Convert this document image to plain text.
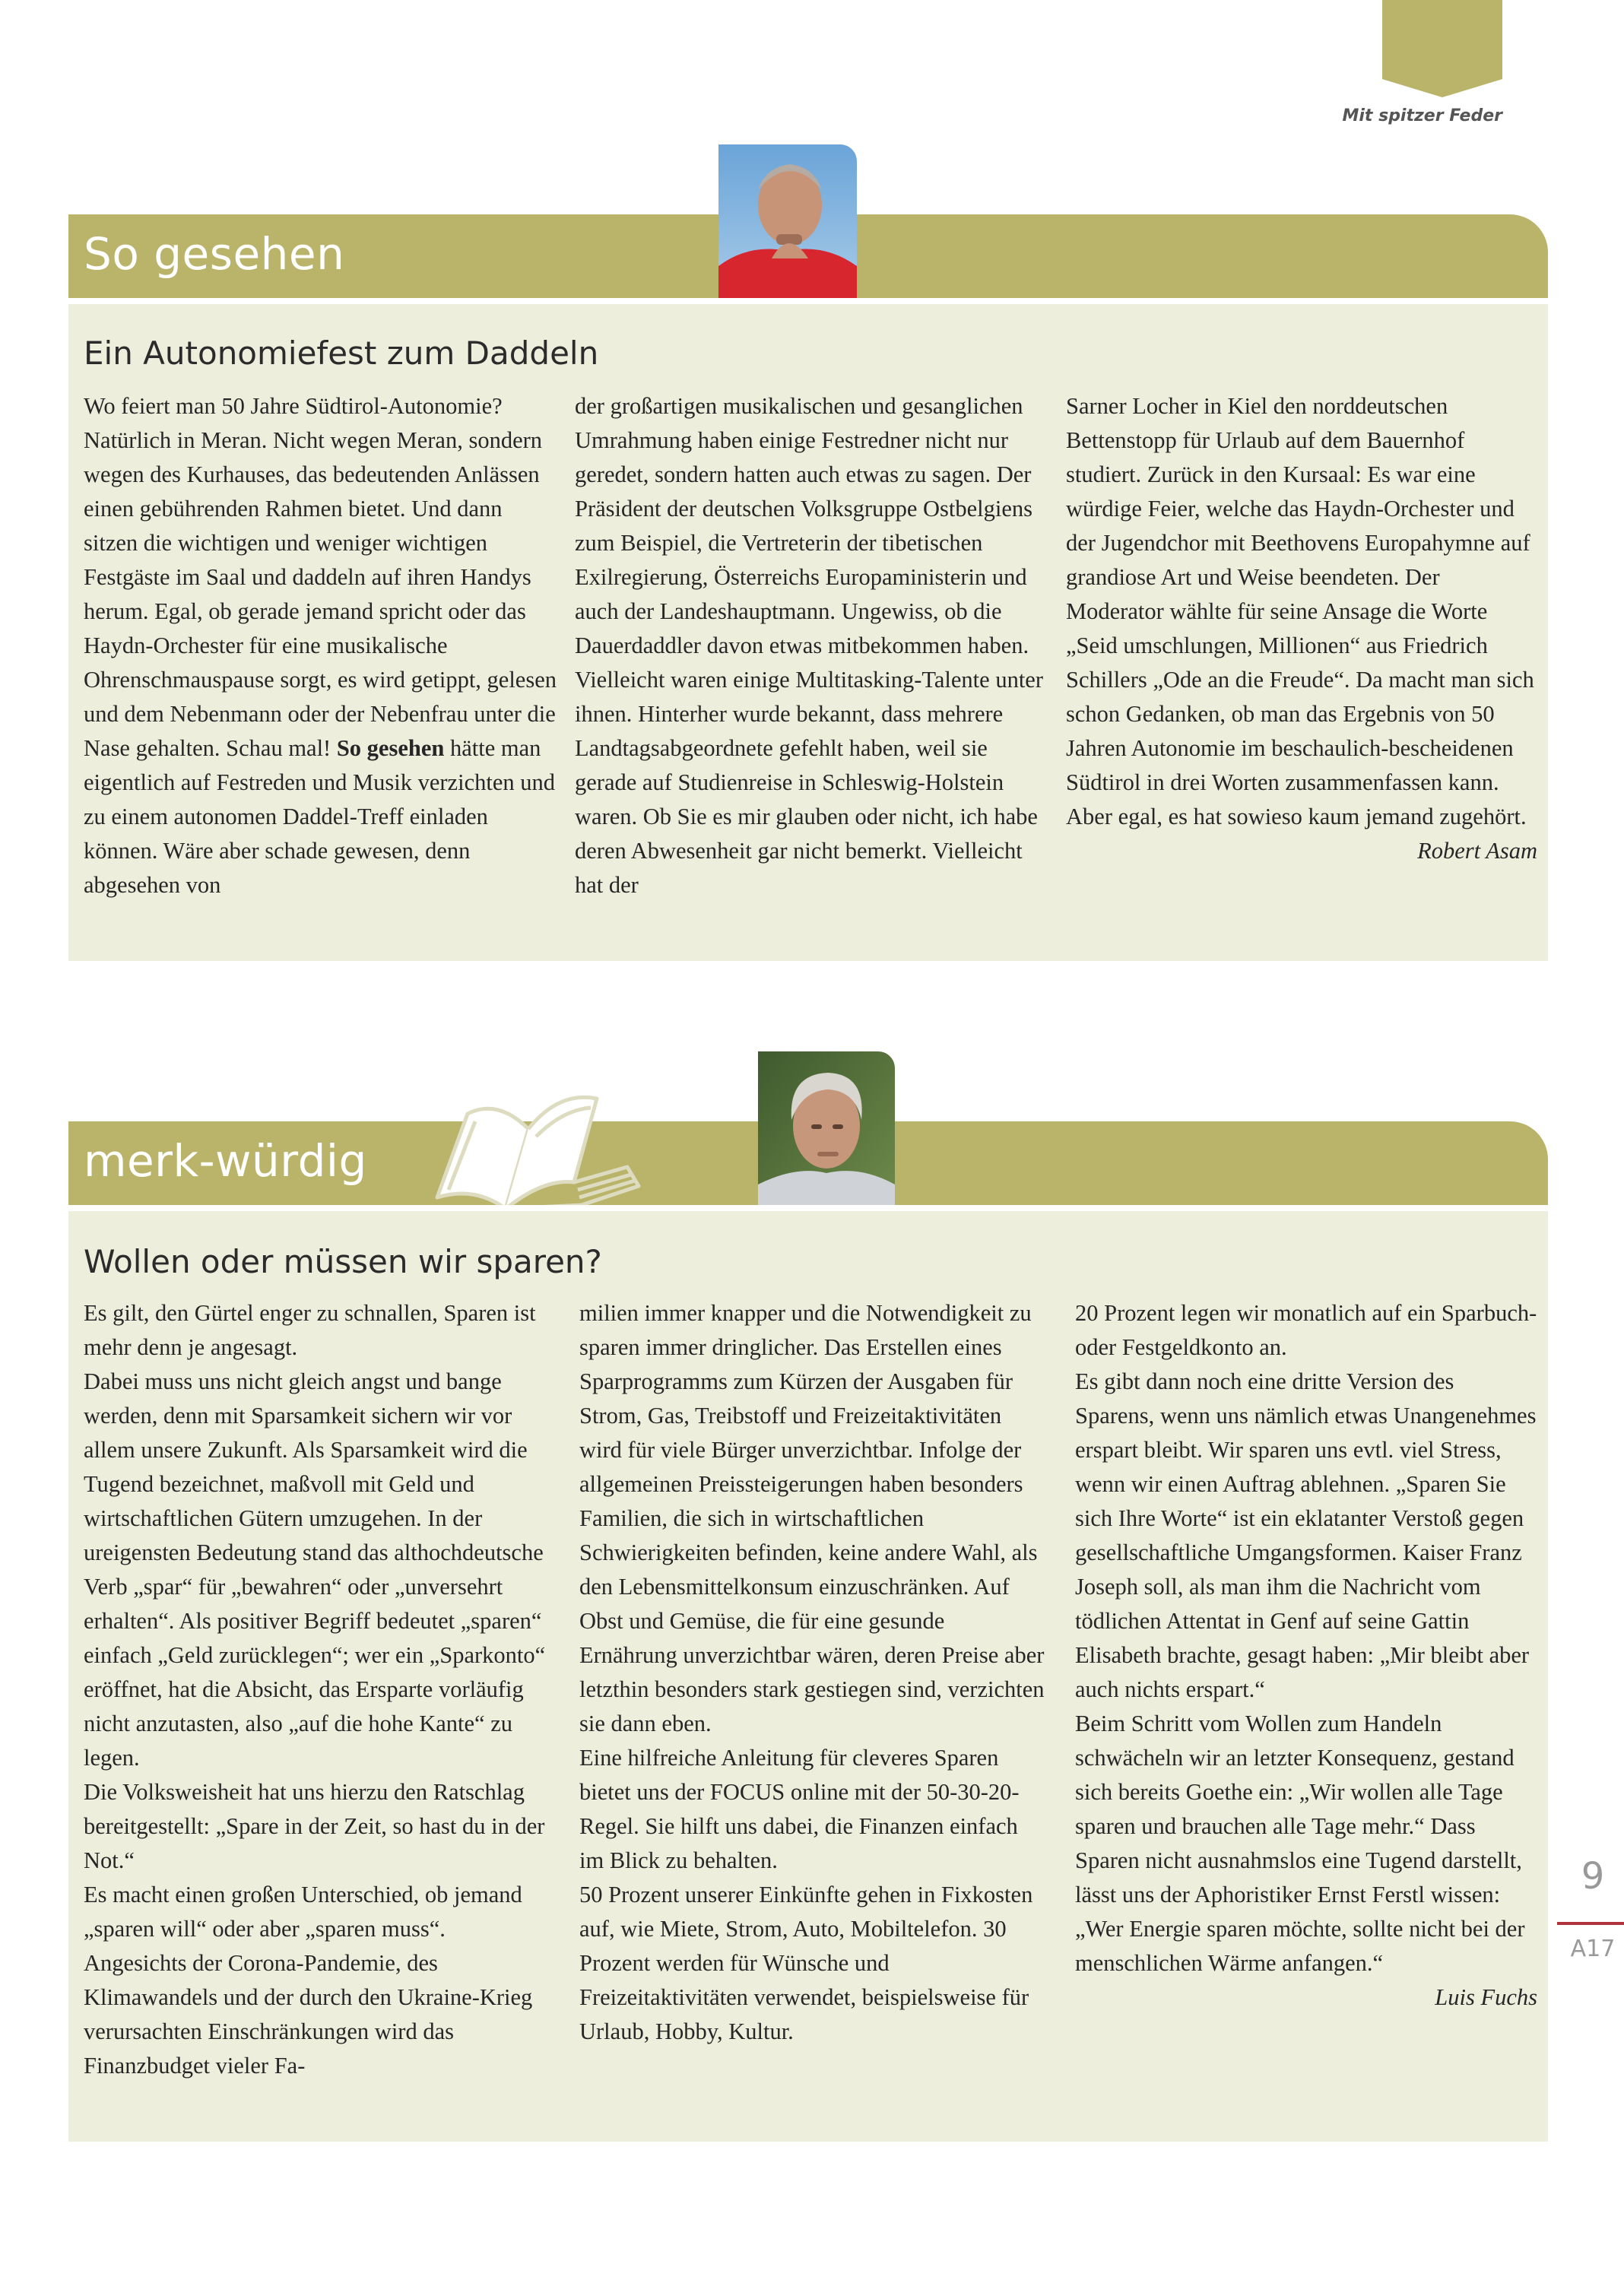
Mit spitzer Feder
So gesehen
Ein Autonomiefest zum Daddeln

Wo feiert man 50 Jahre Südtirol-Autonomie? Natürlich in Meran. Nicht wegen Meran, sondern wegen des Kurhauses, das bedeutenden Anlässen einen gebührenden Rahmen bietet. Und dann sitzen die wichtigen und weniger wichtigen Festgäste im Saal und daddeln auf ihren Handys herum. Egal, ob gerade jemand spricht oder das Haydn-Orchester für eine musikalische Ohrenschmauspause sorgt, es wird getippt, gelesen und dem Nebenmann oder der Nebenfrau unter die Nase gehalten. Schau mal! So gesehen hätte man eigentlich auf Festreden und Musik verzichten und zu einem autonomen Daddel-Treff einladen können. Wäre aber schade gewesen, denn abgesehen von

der großartigen musikalischen und gesanglichen Umrahmung haben einige Festredner nicht nur geredet, sondern hatten auch etwas zu sagen. Der Präsident der deutschen Volksgruppe Ostbelgiens zum Beispiel, die Vertreterin der tibetischen Exilregierung, Österreichs Europaministerin und auch der Landeshauptmann. Ungewiss, ob die Dauerdaddler davon etwas mitbekommen haben. Vielleicht waren einige Multitasking-Talente unter ihnen. Hinterher wurde bekannt, dass mehrere Landtagsabgeordnete gefehlt haben, weil sie gerade auf Studienreise in Schleswig-Holstein waren. Ob Sie es mir glauben oder nicht, ich habe deren Abwesenheit gar nicht bemerkt. Vielleicht hat der

Sarner Locher in Kiel den norddeutschen Bettenstopp für Urlaub auf dem Bauernhof studiert. Zurück in den Kursaal: Es war eine würdige Feier, welche das Haydn-Orchester und der Jugendchor mit Beethovens Europahymne auf grandiose Art und Weise beendeten. Der Moderator wählte für seine Ansage die Worte „Seid umschlungen, Millionen“ aus Friedrich Schillers „Ode an die Freude“. Da macht man sich schon Gedanken, ob man das Ergebnis von 50 Jahren Autonomie im beschaulich-bescheidenen Südtirol in drei Worten zusammenfassen kann. Aber egal, es hat sowieso kaum jemand zugehört.

Robert Asam

merk-würdig
Wollen oder müssen wir sparen?

Es gilt, den Gürtel enger zu schnallen, Sparen ist mehr denn je angesagt.

Dabei muss uns nicht gleich angst und bange werden, denn mit Sparsamkeit sichern wir vor allem unsere Zukunft. Als Sparsamkeit wird die Tugend bezeichnet, maßvoll mit Geld und wirtschaftlichen Gütern umzugehen. In der ureigensten Bedeutung stand das althochdeutsche Verb „spar“ für „bewahren“ oder „unversehrt erhalten“. Als positiver Begriff bedeutet „sparen“ einfach „Geld zurücklegen“; wer ein „Sparkonto“ eröffnet, hat die Absicht, das Ersparte vorläufig nicht anzutasten, also „auf die hohe Kante“ zu legen.

Die Volksweisheit hat uns hierzu den Ratschlag bereitgestellt: „Spare in der Zeit, so hast du in der Not.“

Es macht einen großen Unterschied, ob jemand „sparen will“ oder aber „sparen muss“. Angesichts der Corona-Pandemie, des Klimawandels und der durch den Ukraine-Krieg verursachten Einschränkungen wird das Finanzbudget vieler Fa-

milien immer knapper und die Notwendigkeit zu sparen immer dringlicher. Das Erstellen eines Sparprogramms zum Kürzen der Ausgaben für Strom, Gas, Treibstoff und Freizeitaktivitäten wird für viele Bürger unverzichtbar. Infolge der allgemeinen Preissteigerungen haben besonders Familien, die sich in wirtschaftlichen Schwierigkeiten befinden, keine andere Wahl, als den Lebensmittelkonsum einzuschränken. Auf Obst und Gemüse, die für eine gesunde Ernährung unverzichtbar wären, deren Preise aber letzthin besonders stark gestiegen sind, verzichten sie dann eben.

Eine hilfreiche Anleitung für cleveres Sparen bietet uns der FOCUS online mit der 50-30-20-Regel. Sie hilft uns dabei, die Finanzen einfach im Blick zu behalten.

50 Prozent unserer Einkünfte gehen in Fixkosten auf, wie Miete, Strom, Auto, Mobiltelefon. 30 Prozent werden für Wünsche und Freizeitaktivitäten verwendet, beispielsweise für Urlaub, Hobby, Kultur.

20 Prozent legen wir monatlich auf ein Sparbuch- oder Festgeldkonto an.

Es gibt dann noch eine dritte Version des Sparens, wenn uns nämlich etwas Unangenehmes erspart bleibt. Wir sparen uns evtl. viel Stress, wenn wir einen Auftrag ablehnen. „Sparen Sie sich Ihre Worte“ ist ein eklatanter Verstoß gegen gesellschaftliche Umgangsformen. Kaiser Franz Joseph soll, als man ihm die Nachricht vom tödlichen Attentat in Genf auf seine Gattin Elisabeth brachte, gesagt haben: „Mir bleibt aber auch nichts erspart.“

Beim Schritt vom Wollen zum Handeln schwächeln wir an letzter Konsequenz, gestand sich bereits Goethe ein: „Wir wollen alle Tage sparen und brauchen alle Tage mehr.“ Dass Sparen nicht ausnahmslos eine Tugend darstellt, lässt uns der Aphoristiker Ernst Ferstl wissen: „Wer Energie sparen möchte, sollte nicht bei der menschlichen Wärme anfangen.“

Luis Fuchs

9
A17
